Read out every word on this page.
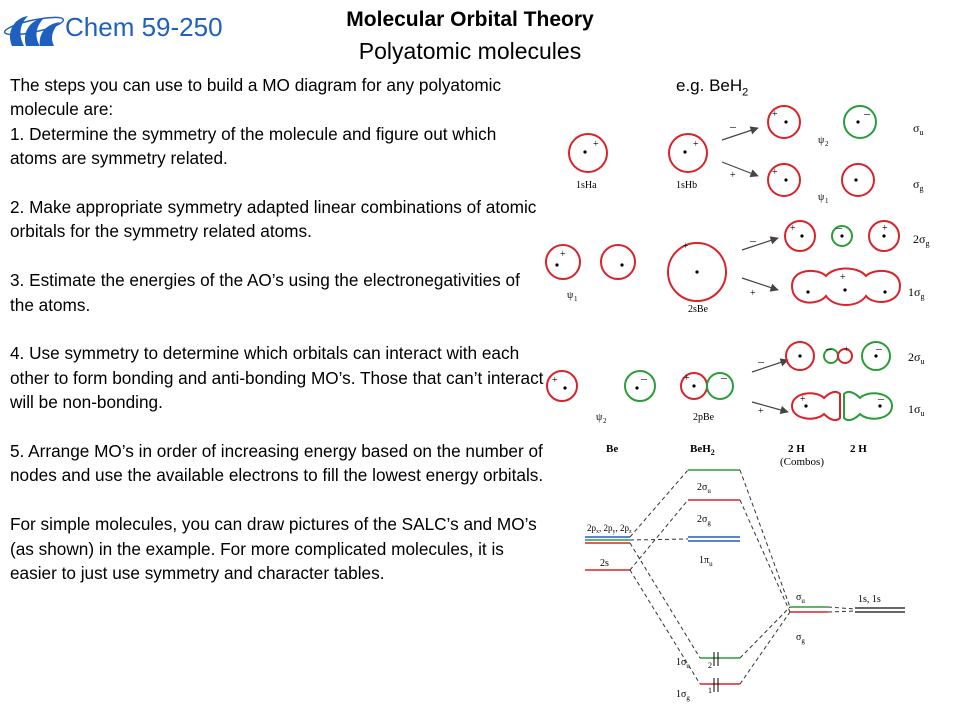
Chem 59-250	Molecular Orbital Theory
Polyatomic molecules

The steps you can use to build a MO diagram for any polyatomic molecule are:

1. Determine the symmetry of the molecule and figure out which atoms are symmetry related.

2. Make appropriate symmetry adapted linear combinations of atomic orbitals for the symmetry related atoms.

3. Estimate the energies of the AO’s using the electronegativities of the atoms.

4. Use symmetry to determine which orbitals can interact with each other to form bonding and anti-bonding MO’s. Those that can’t interact will be non-bonding.

5. Arrange MO’s in order of increasing energy based on the number of nodes and use the available electrons to fill the lowest energy orbitals.

For simple molecules, you can draw pictures of the SALC’s and MO’s (as shown) in the example. For more complicated molecules, it is easier to just use symmetry and character tables.

e.g. BeH$_2$
+	+
1sHa	1sHb
–
+
+	–
ψ 2
+
ψ 1
+
ψ 1
+
2sBe
–
+
+	–	+
+
+	–
ψ 2
+	–
2pBe
–
+
– + –
+	–
$\sigma_u$
$\sigma_g$
$2\sigma_g$
$1\sigma_g$
$2\sigma_u$
$1\sigma_u$
Be	BeH$_2$	2 H
(Combos)
2 H
$2p_x$, $2p_y$, $2p_z$
2s
$2\sigma_u$
$2\sigma_g$
$1\pi_u$
$1\sigma_u$ 2
$1\sigma_g$
1
$\sigma_u$
$\sigma_g$
1s, 1s
